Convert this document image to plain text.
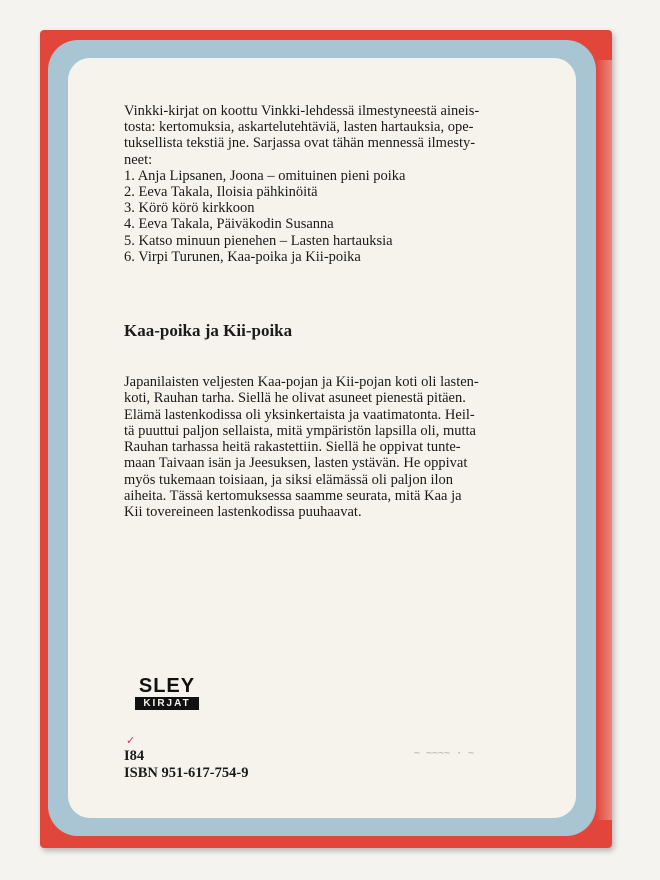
Vinkki-kirjat on koottu Vinkki-lehdessä ilmestyneestä aineis-

tosta: kertomuksia, askartelutehtäviä, lasten hartauksia, ope-

tuksellista tekstiä jne. Sarjassa ovat tähän mennessä ilmesty-

neet:

1. Anja Lipsanen, Joona – omituinen pieni poika
2. Eeva Takala, Iloisia pähkinöitä
3. Körö körö kirkkoon
4. Eeva Takala, Päiväkodin Susanna
5. Katso minuun pienehen – Lasten hartauksia
6. Virpi Turunen, Kaa-poika ja Kii-poika
Kaa-poika ja Kii-poika
Japanilaisten veljesten Kaa-pojan ja Kii-pojan koti oli lasten-
koti, Rauhan tarha. Siellä he olivat asuneet pienestä pitäen.
Elämä lastenkodissa oli yksinkertaista ja vaatimatonta. Heil-
tä puuttui paljon sellaista, mitä ympäristön lapsilla oli, mutta
Rauhan tarhassa heitä rakastettiin. Siellä he oppivat tunte-
maan Taivaan isän ja Jeesuksen, lasten ystävän. He oppivat
myös tukemaan toisiaan, ja siksi elämässä oli paljon ilon
aiheita. Tässä kertomuksessa saamme seurata, mitä Kaa ja
Kii tovereineen lastenkodissa puuhaavat.
SLEY
KIRJAT
✓
I84
ISBN 951-617-754-9
~ ~~~~ · ~
